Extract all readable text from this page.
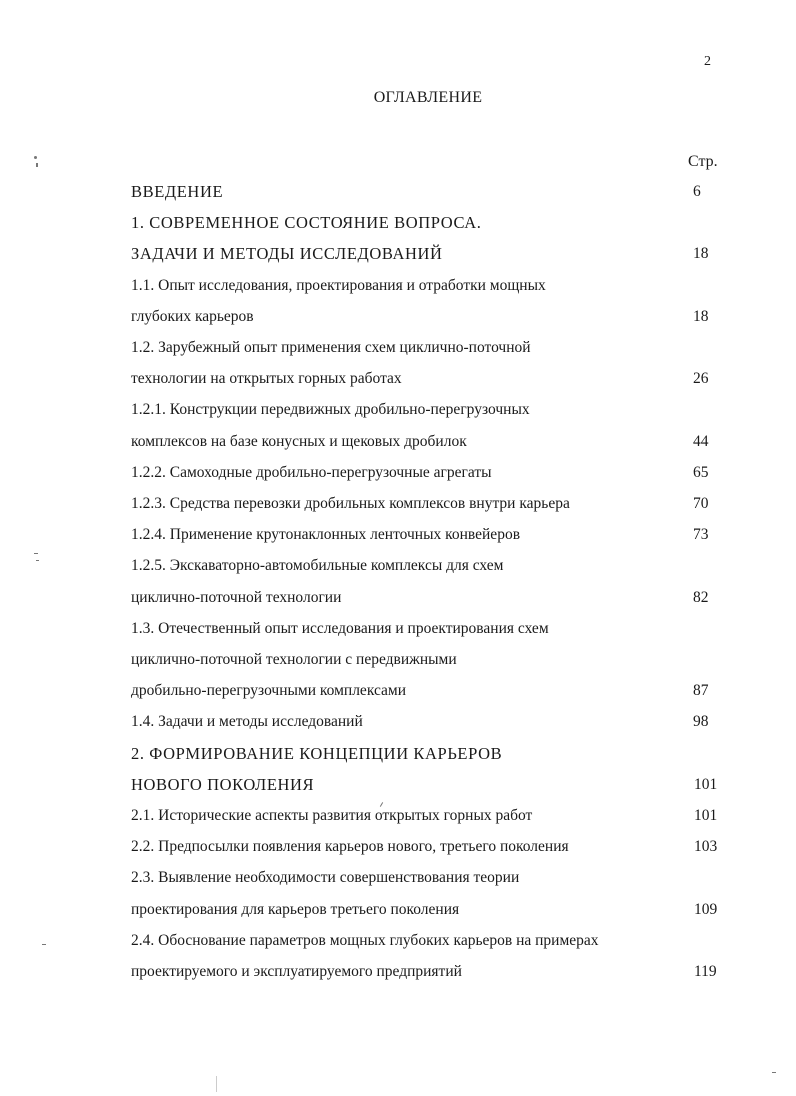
2
ОГЛАВЛЕНИЕ
Стр.
ВВЕДЕНИЕ	6
1. СОВРЕМЕННОЕ СОСТОЯНИЕ ВОПРОСА.
ЗАДАЧИ И МЕТОДЫ ИССЛЕДОВАНИЙ	18
1.1. Опыт исследования, проектирования и отработки мощных
глубоких карьеров	18
1.2. Зарубежный опыт применения схем циклично-поточной
технологии на открытых горных работах	26
1.2.1. Конструкции передвижных дробильно-перегрузочных
комплексов на базе конусных и щековых дробилок	44
1.2.2. Самоходные дробильно-перегрузочные агрегаты	65
1.2.3. Средства перевозки дробильных комплексов внутри карьера	70
1.2.4. Применение крутонаклонных ленточных конвейеров	73
1.2.5. Экскаваторно-автомобильные комплексы для схем
циклично-поточной технологии	82
1.3. Отечественный опыт исследования и проектирования схем
циклично-поточной технологии с передвижными
дробильно-перегрузочными комплексами	87
1.4. Задачи и методы исследований	98
2. ФОРМИРОВАНИЕ КОНЦЕПЦИИ КАРЬЕРОВ
НОВОГО ПОКОЛЕНИЯ	101
2.1. Исторические аспекты развития открытых горных работ	101
2.2. Предпосылки появления карьеров нового, третьего поколения	103
2.3. Выявление необходимости совершенствования теории
проектирования для карьеров третьего поколения	109
2.4. Обоснование параметров мощных глубоких карьеров на примерах
проектируемого и эксплуатируемого предприятий	119
